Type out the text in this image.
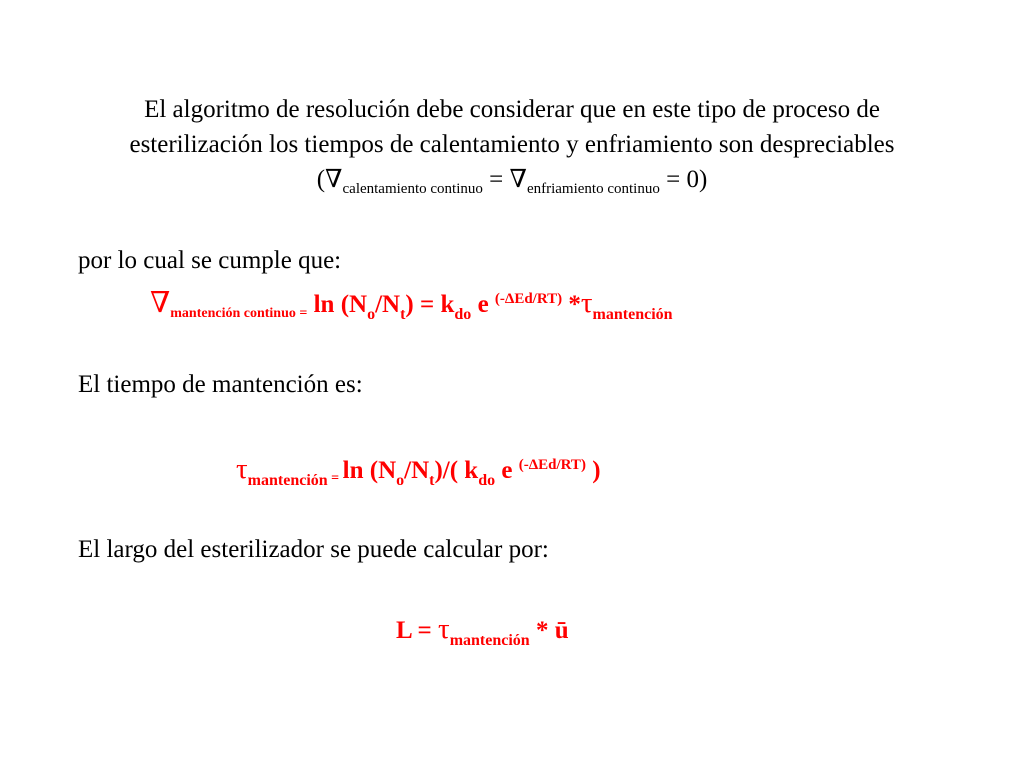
El algoritmo de resolución debe considerar que en este tipo de proceso de
esterilización los tiempos de calentamiento y enfriamiento son despreciables
$(\nabla_{calentamiento continuo} = \nabla_{enfriamiento continuo} = 0)$
por lo cual se cumple que:
$\nabla_{mantención continuo =}$ $\ln (N_o/N_t) = k_{do}$ e $^{(-\Delta Ed/RT)}$ $*\tau_{mantención}$
El tiempo de mantención es:
$\tau_{mantención} = \ln (N_o/N_t)/$( $k_{do}$ e $^{(-\Delta Ed/RT)}$ )
El largo del esterilizador se puede calcular por:
$L = \tau_{mantención}$ * ū
